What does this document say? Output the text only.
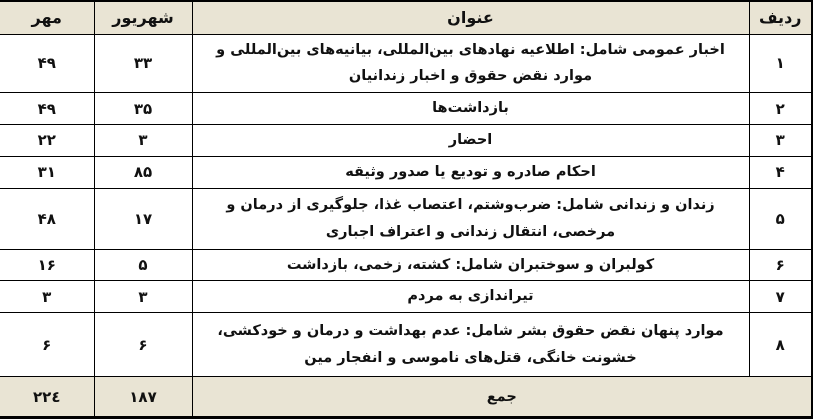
ردیف	عنوان	شهریور	مهر
۱	اخبار عمومی شامل: اطلاعیه نهادهای بین‌المللی، بیانیه‌های بین‌المللی و موارد نقض حقوق و اخبار زندانیان	۳۳	۴۹
۲	بازداشت‌ها	۳۵	۴۹
۳	احضار	۳	۲۲
۴	احکام صادره و تودیع یا صدور وثیقه	۸۵	۳۱
۵	زندان و زندانی شامل: ضرب‌وشتم، اعتصاب غذا، جلوگیری از درمان و مرخصی، انتقال زندانی و اعتراف اجباری	۱۷	۴۸
۶	کولبران و سوختبران شامل: کشته، زخمی، بازداشت	۵	۱۶
۷	تیراندازی به مردم	۳	۳
۸	موارد پنهان نقض حقوق بشر شامل: عدم بهداشت و درمان و خودکشی، خشونت خانگی، قتل‌های ناموسی و انفجار مین	۶	۶
جمع		۱۸۷	۲۲٤
